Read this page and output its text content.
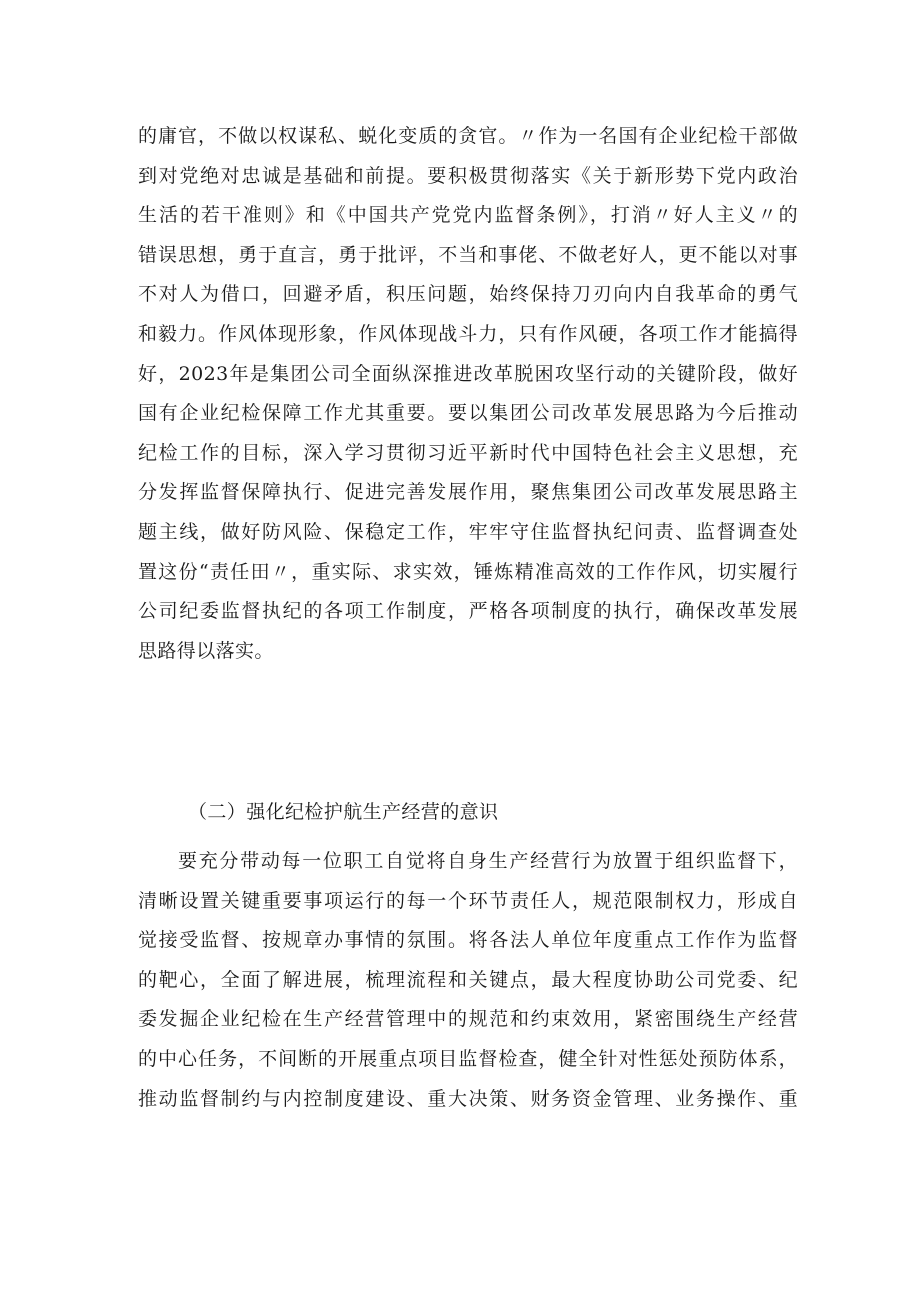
的庸官，不做以权谋私、蜕化变质的贪官。〃作为一名国有企业纪检干部做
到对党绝对忠诚是基础和前提。要积极贯彻落实《关于新形势下党内政治
生活的若干准则》和《中国共产党党内监督条例》，打消〃好人主义〃的
错误思想，勇于直言，勇于批评，不当和事佬、不做老好人，更不能以对事
不对人为借口，回避矛盾，积压问题，始终保持刀刃向内自我革命的勇气
和毅力。作风体现形象，作风体现战斗力，只有作风硬，各项工作才能搞得
好，2023年是集团公司全面纵深推进改革脱困攻坚行动的关键阶段，做好
国有企业纪检保障工作尤其重要。要以集团公司改革发展思路为今后推动
纪检工作的目标，深入学习贯彻习近平新时代中国特色社会主义思想，充
分发挥监督保障执行、促进完善发展作用，聚焦集团公司改革发展思路主
题主线，做好防风险、保稳定工作，牢牢守住监督执纪问责、监督调查处
置这份“责任田〃，重实际、求实效，锤炼精准高效的工作作风，切实履行
公司纪委监督执纪的各项工作制度，严格各项制度的执行，确保改革发展
思路得以落实。
（二）强化纪检护航生产经营的意识
要充分带动每一位职工自觉将自身生产经营行为放置于组织监督下，
清晰设置关键重要事项运行的每一个环节责任人，规范限制权力，形成自
觉接受监督、按规章办事情的氛围。将各法人单位年度重点工作作为监督
的靶心，全面了解进展，梳理流程和关键点，最大程度协助公司党委、纪
委发掘企业纪检在生产经营管理中的规范和约束效用，紧密围绕生产经营
的中心任务，不间断的开展重点项目监督检查，健全针对性惩处预防体系，
推动监督制约与内控制度建设、重大决策、财务资金管理、业务操作、重
